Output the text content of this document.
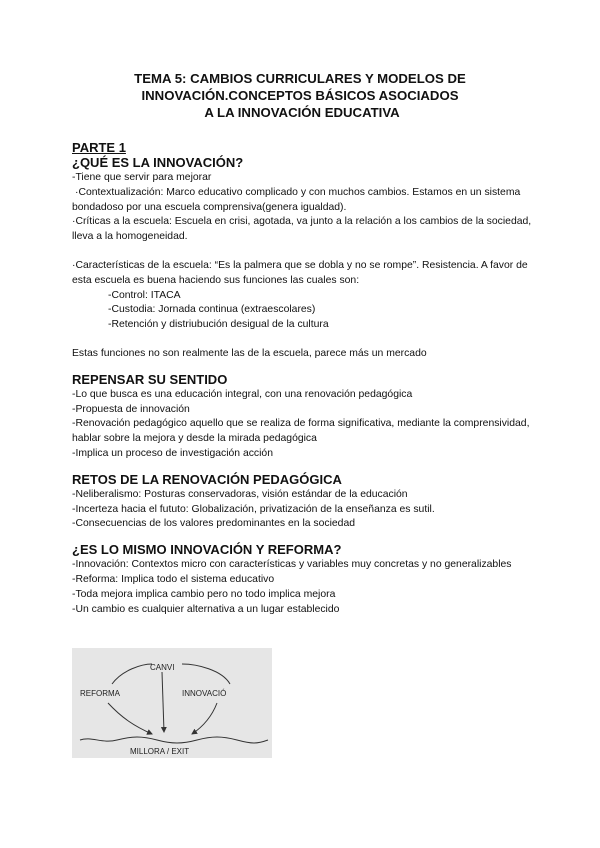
TEMA 5: CAMBIOS CURRICULARES Y MODELOS DE
INNOVACIÓN.CONCEPTOS BÁSICOS ASOCIADOS
A LA INNOVACIÓN EDUCATIVA
PARTE 1
¿QUÉ ES LA INNOVACIÓN?

-Tiene que servir para mejorar

·Contextualización: Marco educativo complicado y con muchos cambios. Estamos en un sistema bondadoso por una escuela comprensiva(genera igualdad).

·Críticas a la escuela: Escuela en crisi, agotada, va junto a la relación a los cambios de la sociedad, lleva a la homogeneidad.

·Características de la escuela: “Es la palmera que se dobla y no se rompe”. Resistencia. A favor de esta escuela es buena haciendo sus funciones las cuales son:

-Control: ITACA

-Custodia: Jornada continua (extraescolares)

-Retención y distriubución desigual de la cultura

Estas funciones no son realmente las de la escuela, parece más un mercado

REPENSAR SU SENTIDO

-Lo que busca es una educación integral, con una renovación pedagógica

-Propuesta de innovación

-Renovación pedagógico aquello que se realiza de forma significativa, mediante la comprensividad, hablar sobre la mejora y desde la mirada pedagógica

-Implica un proceso de investigación acción

RETOS DE LA RENOVACIÓN PEDAGÓGICA

-Neliberalismo: Posturas conservadoras, visión estándar de la educación

-Incerteza hacia el fututo: Globalización, privatización de la enseñanza es sutil.

-Consecuencias de los valores predominantes en la sociedad

¿ES LO MISMO INNOVACIÓN Y REFORMA?

-Innovación: Contextos micro con características y variables muy concretas y no generalizables

-Reforma: Implica todo el sistema educativo

-Toda mejora implica cambio pero no todo implica mejora

-Un cambio es cualquier alternativa a un lugar establecido

CANVI
REFORMA	INNOVACIÓ
MILLORA / EXIT
